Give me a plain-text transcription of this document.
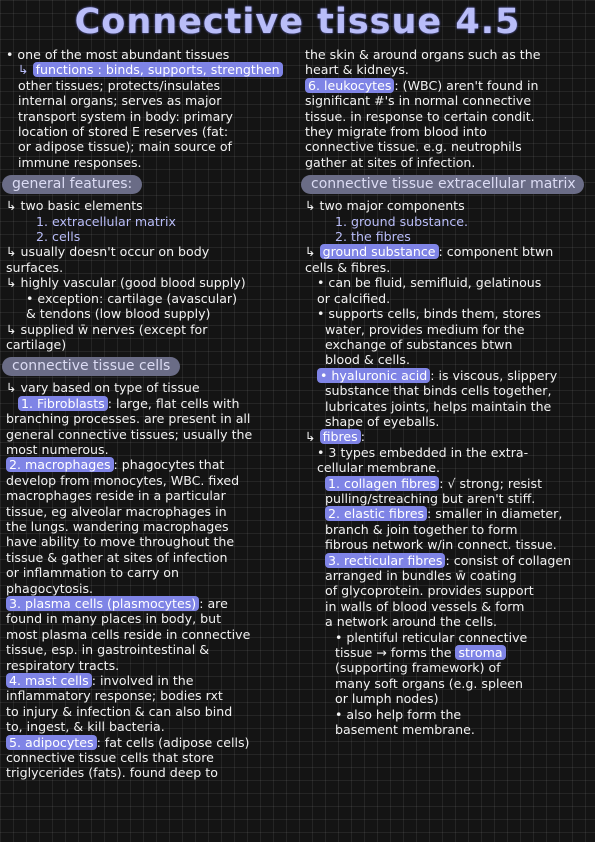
Connective tissue 4.5

• one of the most abundant tissues

↳ functions : binds, supports, strengthen

other tissues; protects/insulates

internal organs; serves as major

transport system in body: primary

location of stored E reserves (fat:

or adipose tissue); main source of

immune responses.

general features:

↳ two basic elements

1. extracellular matrix

2. cells

↳ usually doesn't occur on body

surfaces.

↳ highly vascular (good blood supply)

• exception: cartilage (avascular)

& tendons (low blood supply)

↳ supplied w̄ nerves (except for

cartilage)

connective tissue cells

↳ vary based on type of tissue

1. Fibroblasts : large, flat cells with

branching processes. are present in all

general connective tissues; usually the

most numerous.

2. macrophages : phagocytes that

develop from monocytes, WBC. fixed

macrophages reside in a particular

tissue, eg alveolar macrophages in

the lungs. wandering macrophages

have ability to move throughout the

tissue & gather at sites of infection

or inflammation to carry on

phagocytosis.

3. plasma cells (plasmocytes) : are

found in many places in body, but

most plasma cells reside in connective

tissue, esp. in gastrointestinal &

respiratory tracts.

4. mast cells : involved in the

inflammatory response; bodies rxt

to injury & infection & can also bind

to, ingest, & kill bacteria.

5. adipocytes : fat cells (adipose cells)

connective tissue cells that store

triglycerides (fats). found deep to

the skin & around organs such as the

heart & kidneys.

6. leukocytes : (WBC) aren't found in

significant #'s in normal connective

tissue. in response to certain condit.

they migrate from blood into

connective tissue. e.g. neutrophils

gather at sites of infection.

connective tissue extracellular matrix

↳ two major components

1. ground substance.

2. the fibres

↳ ground substance : component btwn

cells & fibres.

• can be fluid, semifluid, gelatinous

or calcified.

• supports cells, binds them, stores

water, provides medium for the

exchange of substances btwn

blood & cells.

• hyaluronic acid : is viscous, slippery

substance that binds cells together,

lubricates joints, helps maintain the

shape of eyeballs.

↳ fibres :

• 3 types embedded in the extra-

cellular membrane.

1. collagen fibres : √ strong; resist

pulling/streaching but aren't stiff.

2. elastic fibres : smaller in diameter,

branch & join together to form

fibrous network w/in connect. tissue.

3. recticular fibres : consist of collagen

arranged in bundles w̄ coating

of glycoprotein. provides support

in walls of blood vessels & form

a network around the cells.

• plentiful reticular connective

tissue → forms the stroma

(supporting framework) of

many soft organs (e.g. spleen

or lumph nodes)

• also help form the

basement membrane.
